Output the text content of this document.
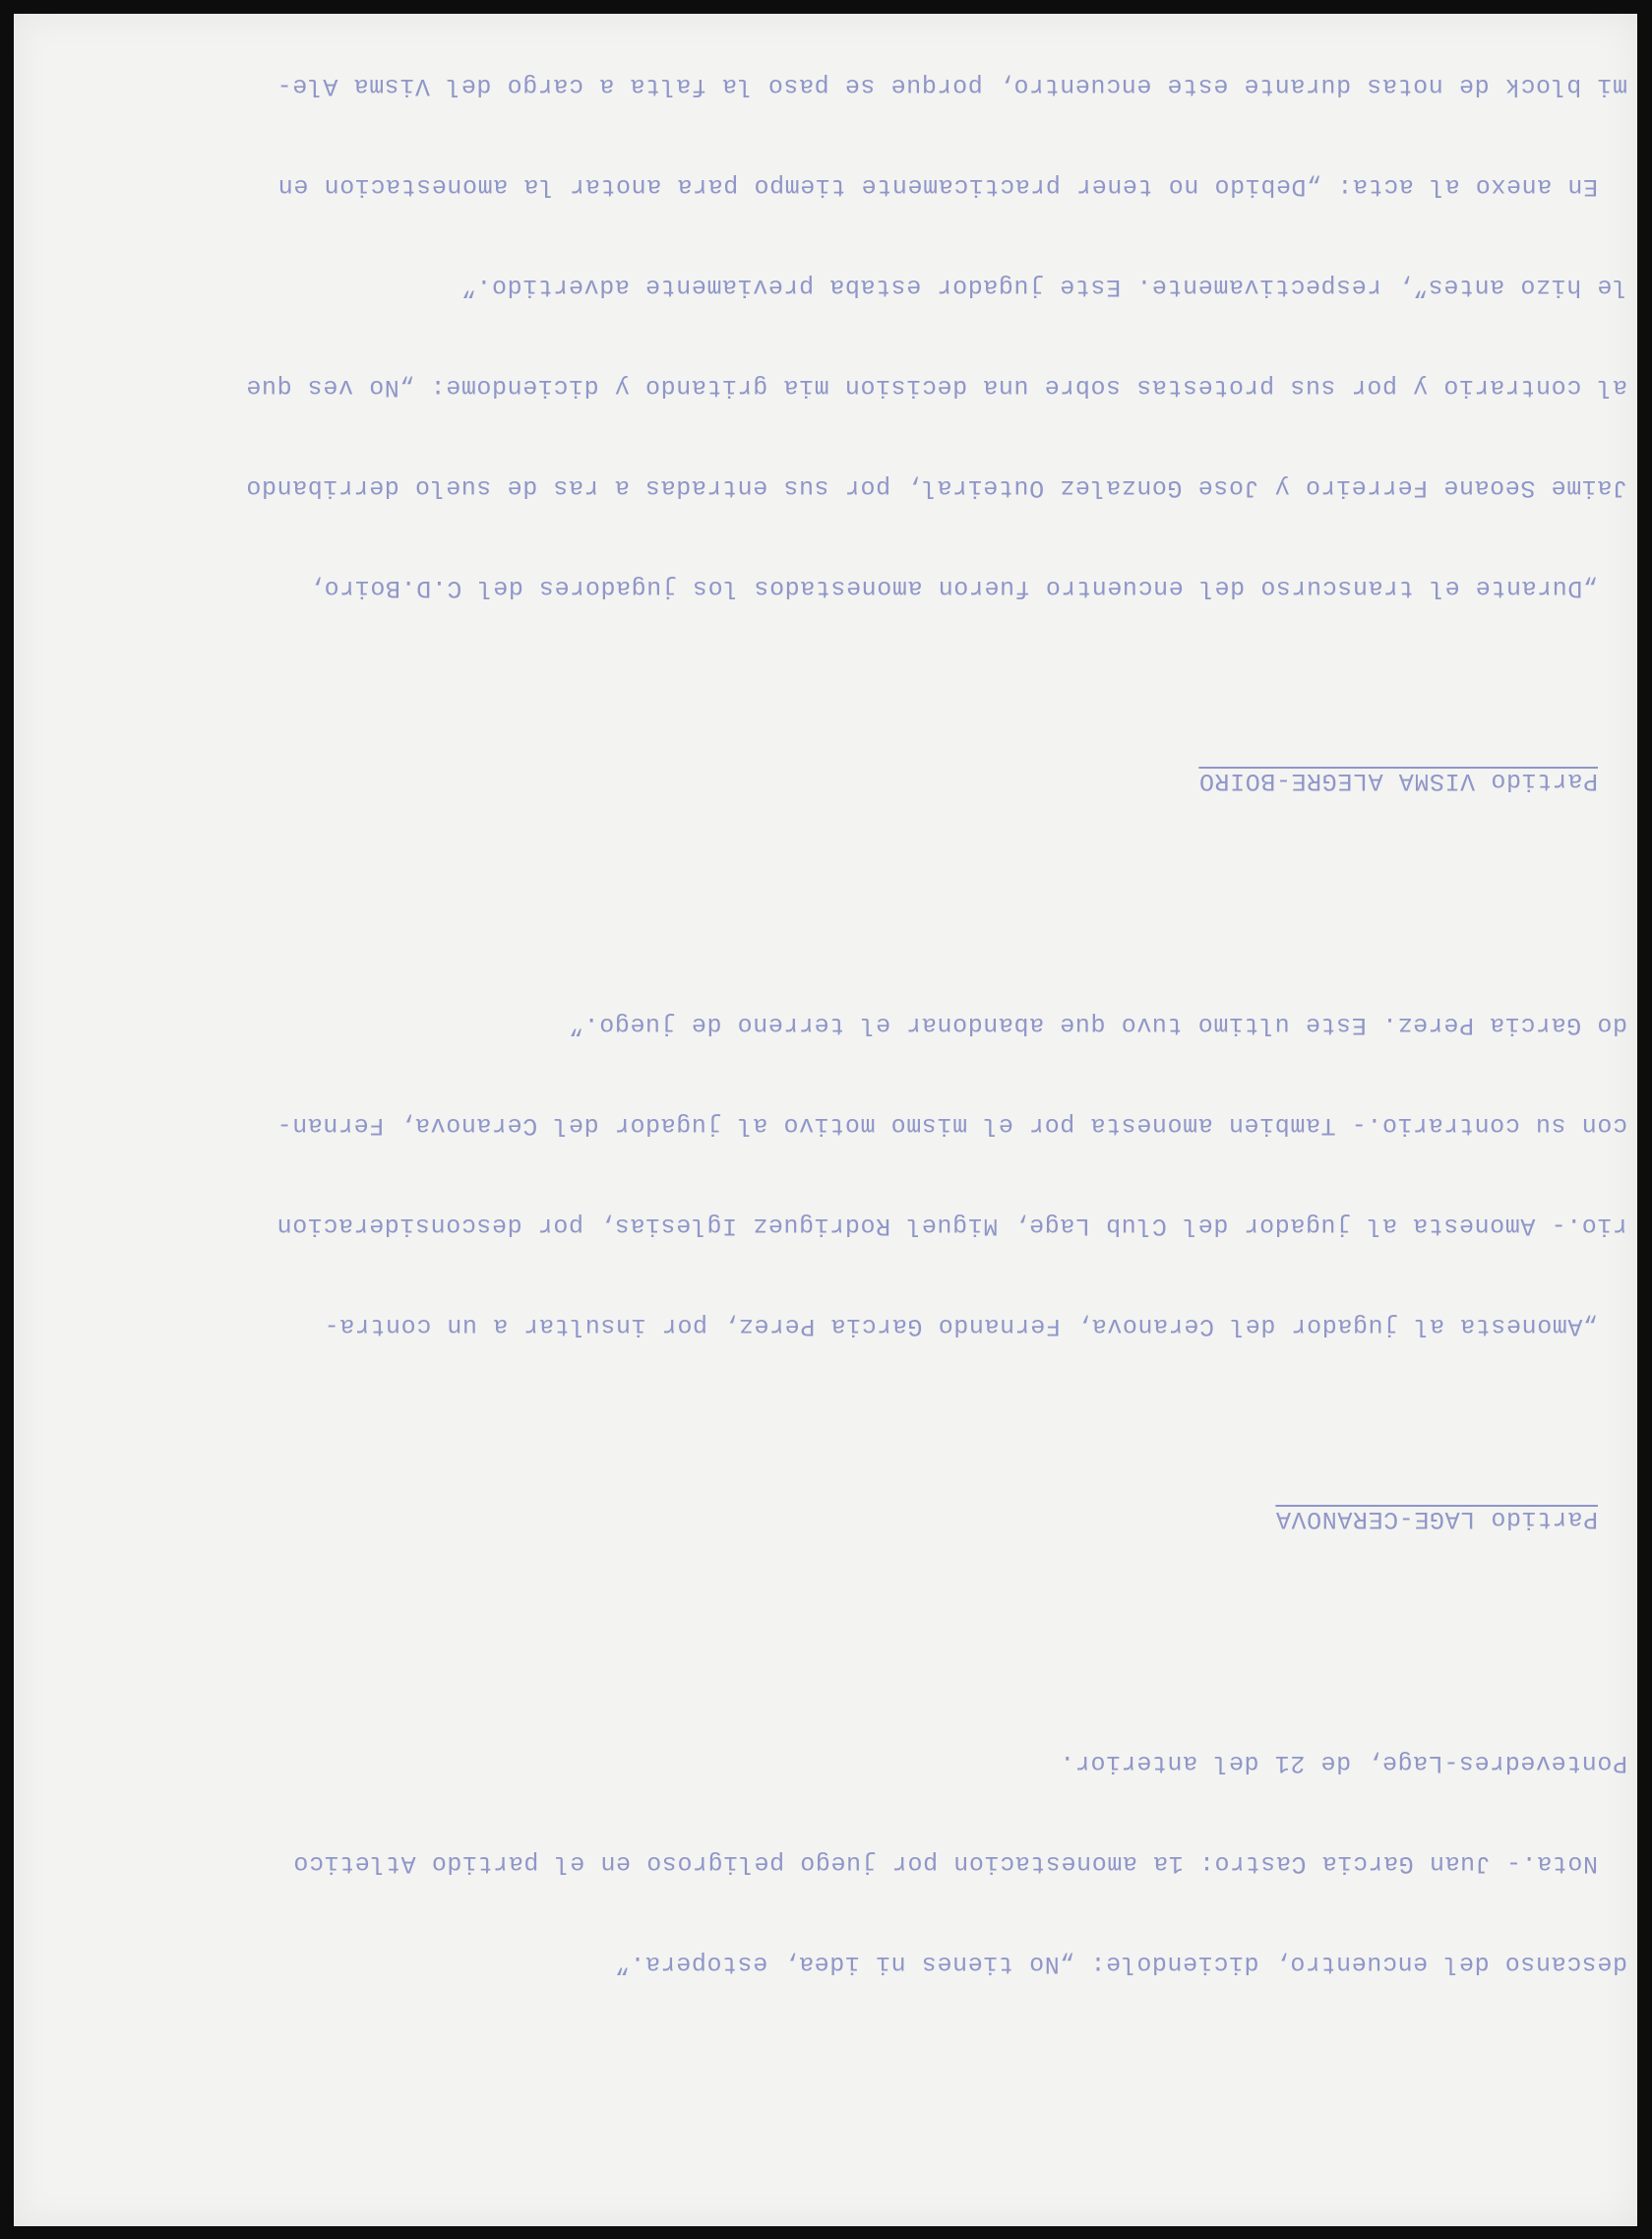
descanso del encuentro, diciendole: „No tienes ni idea, estopera.”

Nota.- Juan Garcia Castro: 1a amonestacion por juego peligroso en el partido Atletico

Pontevedres-Lage, de 21 del anterior.

Partido LAGE-CERANOVA

„Amonesta al jugador del Ceranova, Fernando Garcia Perez, por insultar a un contra-

rio.- Amonesta al jugador del Club Lage, Miguel Rodriguez Iglesias, por desconsideracion

con su contrario.- Tambien amonesta por el mismo motivo al jugador del Ceranova, Fernan-

do Garcia Perez. Este ultimo tuvo que abandonar el terreno de juego.”

Partido VISMA ALEGRE-BOIRO

„Durante el transcurso del encuentro fueron amonestados los jugadores del C.D.Boiro,

Jaime Seoane Ferreiro y Jose Gonzalez Outeiral, por sus entradas a ras de suelo derribando

al contrario y por sus protestas sobre una decision mia gritando y diciendome: „No ves que

le hizo antes”, respectivamente. Este jugador estaba previamente advertido.”

En anexo al acta: „Debido no tener practicamente tiempo para anotar la amonestacion en

mi block de notas durante este encuentro, porque se paso la falta a cargo del Visma Ale-
